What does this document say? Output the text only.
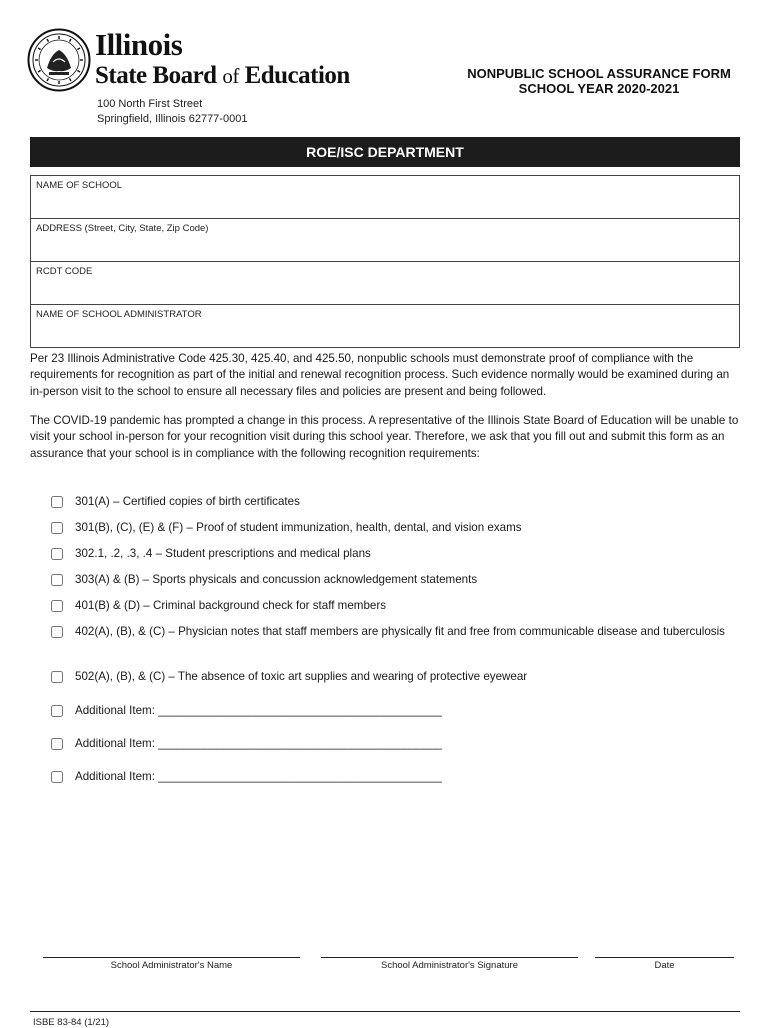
Illinois
State Board of Education
100 North First Street
Springfield, Illinois 62777-0001
NONPUBLIC SCHOOL ASSURANCE FORM
SCHOOL YEAR 2020-2021
ROE/ISC DEPARTMENT
NAME OF SCHOOL
ADDRESS (Street, City, State, Zip Code)
RCDT CODE
NAME OF SCHOOL ADMINISTRATOR

Per 23 Illinois Administrative Code 425.30, 425.40, and 425.50, nonpublic schools must demonstrate proof of compliance with the requirements for recognition as part of the initial and renewal recognition process. Such evidence normally would be examined during an in-person visit to the school to ensure all necessary files and policies are present and being followed.

The COVID-19 pandemic has prompted a change in this process. A representative of the Illinois State Board of Education will be unable to visit your school in-person for your recognition visit during this school year. Therefore, we ask that you fill out and submit this form as an assurance that your school is in compliance with the following recognition requirements:

301(A) – Certified copies of birth certificates
301(B), (C), (E) & (F) – Proof of student immunization, health, dental, and vision exams
302.1, .2, .3, .4 – Student prescriptions and medical plans
303(A) & (B) – Sports physicals and concussion acknowledgement statements
401(B) & (D) – Criminal background check for staff members
402(A), (B), & (C) – Physician notes that staff members are physically fit and free from communicable disease and tuberculosis
502(A), (B), & (C) – The absence of toxic art supplies and wearing of protective eyewear
Additional Item: ____________________________________________
Additional Item: ____________________________________________
Additional Item: ____________________________________________
School Administrator's Name	School Administrator's Signature	Date
ISBE 83-84 (1/21)
